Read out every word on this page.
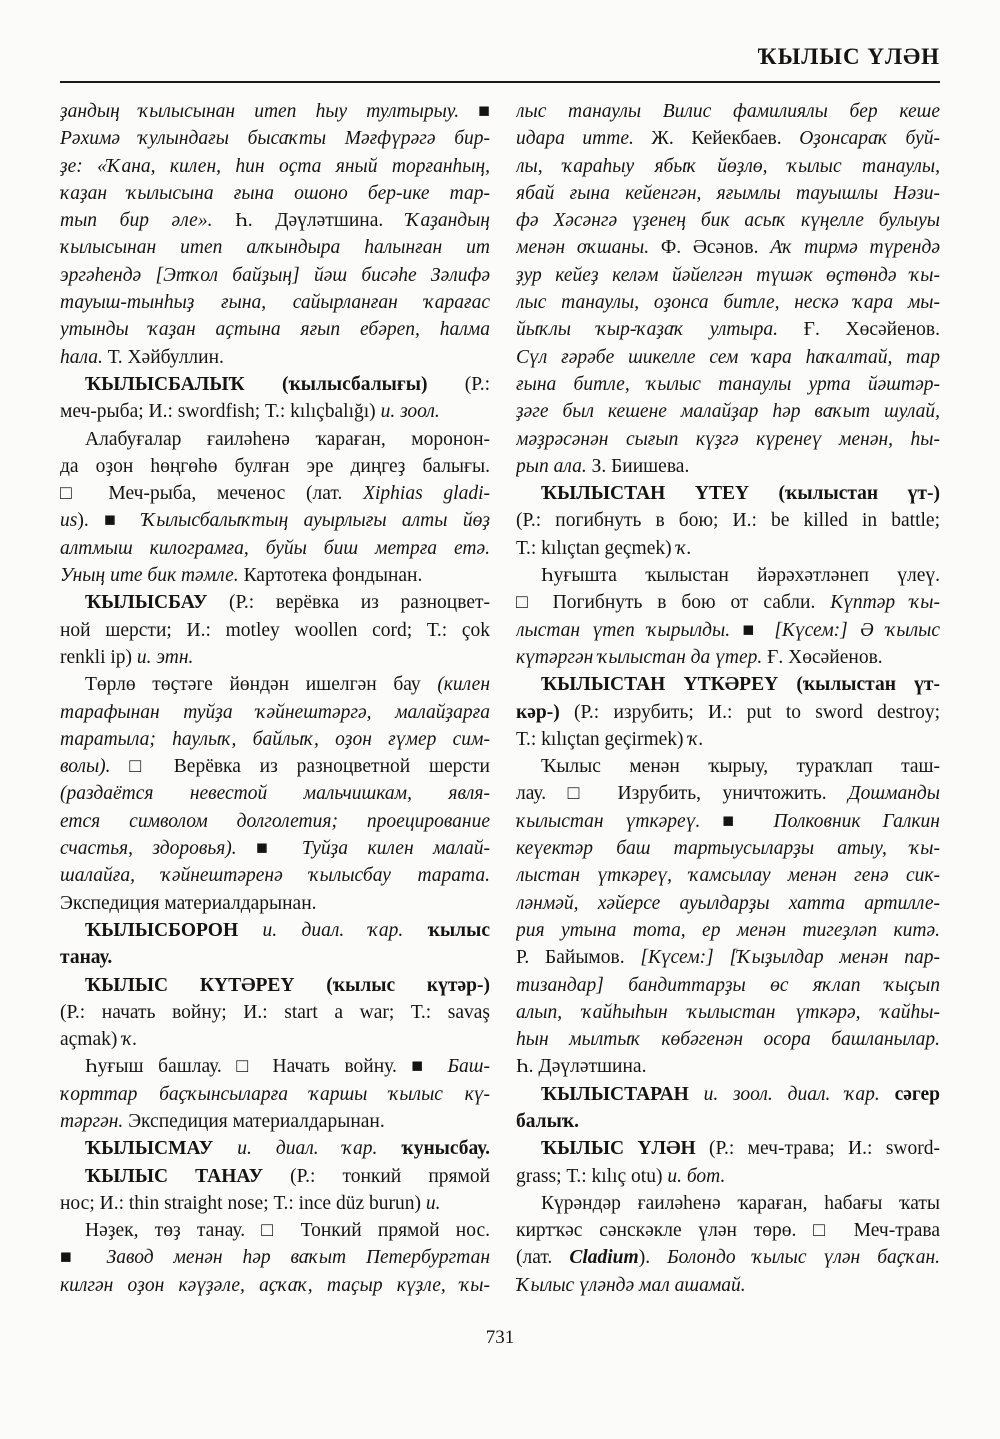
ҠЫЛЫС ҮЛӘН
ҙандың ҡылысынан итеп һыу тултырыу. ■
Рәхимә ҡулындағы бысаҡты Мәғфүрәгә бир-
ҙе: «Ҡана, килен, һин оҫта яный торғанһың,
ҡаҙан ҡылысына ғына ошоно бер-ике тар-
тып бир әле». Һ. Дәүләтшина. Ҡаҙандың
ҡылысынан итеп алҡындыра һалынған ит
эргәһендә [Этҡол байҙың] йәш бисәһе Зәлифә
тауыш-тынһыҙ ғына, сайырланған ҡарағас
утынды ҡаҙан аҫтына яғып ебәреп, һалма
һала. Т. Хәйбуллин.
ҠЫЛЫСБАЛЫҠ (ҡылысбалығы) (Р.:
меч-рыба; И.: swordfish; Т.: kılıçbalığı) и. зоол.
Алабуғалар ғаиләһенә ҡараған, моронон-
да оҙон һөңгөһө булған эре диңгеҙ балығы.
□ Меч-рыба, меченос (лат. Xiphias gladi-
us). ■ Ҡылысбалыҡтың ауырлығы алты йөҙ
алтмыш килограмға, буйы биш метрға етә.
Уның ите бик тәмле. Картотека фондынан.
ҠЫЛЫСБАУ (Р.: верёвка из разноцвет-
ной шерсти; И.: motley woollen cord; Т.: çok
renkli ip) и. этн.
Төрлө төҫтәге йөндән ишелгән бау (килен
тарафынан туйҙа ҡәйнештәргә, малайҙарға
таратыла; һаулыҡ, байлыҡ, оҙон ғүмер сим-
волы). □ Верёвка из разноцветной шерсти
(раздаётся невестой мальчишкам, явля-
ется символом долголетия; проецирование
счастья, здоровья). ■ Туйҙа килен малай-
шалайға, ҡәйнештәренә ҡылысбау тарата.
Экспедиция материалдарынан.
ҠЫЛЫСБОРОН и. диал. ҡар. ҡылыс
танау.
ҠЫЛЫС КҮТӘРЕҮ (ҡылыс күтәр-)
(Р.: начать войну; И.: start a war; Т.: savaş
açmak) ҡ.
Һуғыш башлау. □ Начать войну. ■ Баш-
ҡорттар баҫҡынсыларға ҡаршы ҡылыс кү-
тәргән. Экспедиция материалдарынан.
ҠЫЛЫСМАУ и. диал. ҡар. ҡунысбау.
ҠЫЛЫС ТАНАУ (Р.: тонкий прямой
нос; И.: thin straight nose; Т.: ince düz burun) и.
Нәҙек, төҙ танау. □ Тонкий прямой нос.
■ Завод менән һәр ваҡыт Петербургтан
килгән оҙон кәүҙәле, аҫҡаҡ, таҫыр күҙле, ҡы-
лыс танаулы Вилис фамилиялы бер кеше
идара итте. Ж. Кейекбаев. Оҙонсараҡ буй-
лы, ҡараһыу ябыҡ йөҙлө, ҡылыс танаулы,
ябай ғына кейенгән, яғымлы тауышлы Нәзи-
фә Хәсәнгә үҙенең бик асыҡ күңелле булыуы
менән оҡшаны. Ф. Әсәнов. Аҡ тирмә түрендә
ҙур кейеҙ келәм йәйелгән түшәк өҫтөндә ҡы-
лыс танаулы, оҙонса битле, нескә ҡара мы-
йыҡлы ҡыр-ҡаҙаҡ ултыра. Ғ. Хөсәйенов.
Сүл ғәрәбе шикелле сем ҡара һаҡалтай, тар
ғына битле, ҡылыс танаулы урта йәштәр-
ҙәге был кешене малайҙар һәр ваҡыт шулай,
мәҙрәсәнән сығып күҙгә күренеү менән, һы-
рып ала. З. Биишева.
ҠЫЛЫСТАН ҮТЕҮ (ҡылыстан үт-)
(Р.: погибнуть в бою; И.: be killed in battle;
Т.: kılıçtan geçmek) ҡ.
Һуғышта ҡылыстан йәрәхәтләнеп үлеү.
□ Погибнуть в бою от сабли. Күптәр ҡы-
лыстан үтеп ҡырылды. ■ [Күсем:] Ә ҡылыс
күтәргән ҡылыстан да үтер. Ғ. Хөсәйенов.
ҠЫЛЫСТАН ҮТКӘРЕҮ (ҡылыстан үт-
кәр-) (Р.: изрубить; И.: put to sword destroy;
Т.: kılıçtan geçirmek) ҡ.
Ҡылыс менән ҡырыу, тураҡлап таш-
лау. □ Изрубить, уничтожить. Дошманды
ҡылыстан үткәреү. ■ Полковник Галкин
кеүектәр баш тартыусыларҙы атыу, ҡы-
лыстан үткәреү, ҡамсылау менән генә сик-
ләнмәй, хәйерсе ауылдарҙы хатта артилле-
рия утына тота, ер менән тигеҙләп китә.
Р. Байымов. [Күсем:] [Ҡыҙылдар менән пар-
тизандар] бандиттарҙы өс яҡлап ҡыҫып
алып, ҡайһыһын ҡылыстан үткәрә, ҡайһы-
һын мылтыҡ көбәгенән осора башланылар.
Һ. Дәүләтшина.
ҠЫЛЫСТАРАН и. зоол. диал. ҡар. сәгер
балыҡ.
ҠЫЛЫС ҮЛӘН (Р.: меч-трава; И.: sword-
grass; Т.: kılıç otu) и. бот.
Күрәндәр ғаиләһенә ҡараған, һабағы ҡаты
киртҡәс сәнскәкле үлән төрө. □ Меч-трава
(лат. Cladium). Болондо ҡылыс үлән баҫҡан.
Ҡылыс үләндә мал ашамай.
731
